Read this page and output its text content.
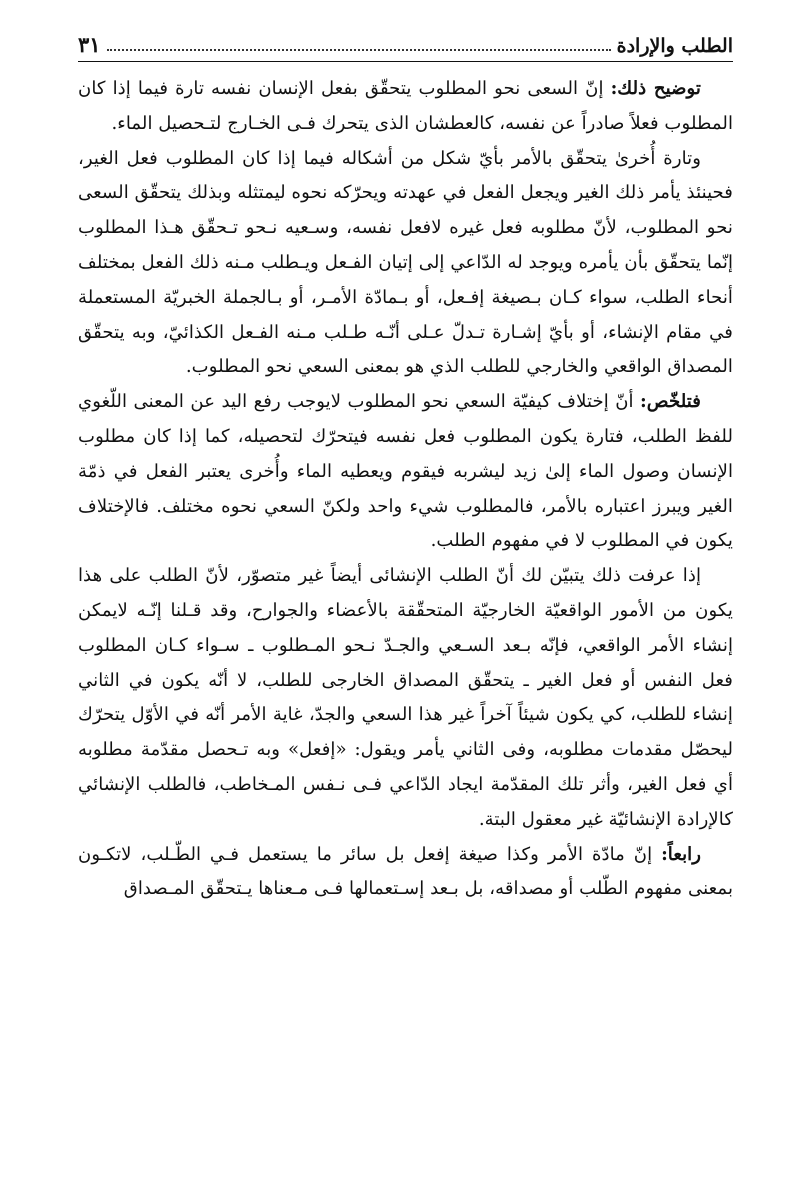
الطلب والإرادة
٣١

توضيح ذلك: إنّ السعى نحو المطلوب يتحقّق بفعل الإنسان نفسه تارة فيما إذا كان المطلوب فعلاً صادراً عن نفسه، كالعطشان الذى يتحرك فـى الخـارج لتـحصيل الماء.

وتارة أُخرىٰ يتحقّق بالأمر بأيّ شكل من أشكاله فيما إذا كان المطلوب فعل الغير، فحينئذ يأمر ذلك الغير ويجعل الفعل في عهدته ويحرّكه نحوه ليمتثله وبذلك يتحقّق السعى نحو المطلوب، لأنّ مطلوبه فعل غيره لافعل نفسه، وسـعيه نـحو تـحقّق هـذا المطلوب إنّما يتحقّق بأن يأمره ويوجد له الدّاعي إلى إتيان الفـعل ويـطلب مـنه ذلك الفعل بمختلف أنحاء الطلب، سواء كـان بـصيغة إفـعل، أو بـمادّة الأمـر، أو بـالجملة الخبريّة المستعملة في مقام الإنشاء، أو بأيّ إشـارة تـدلّ عـلى أنّـه طـلب مـنه الفـعل الكذائيّ، وبه يتحقّق المصداق الواقعي والخارجي للطلب الذي هو بمعنى السعي نحو المطلوب.

فتلخّص: أنّ إختلاف كيفيّة السعي نحو المطلوب لايوجب رفع اليد عن المعنى اللّغوي للفظ الطلب، فتارة يكون المطلوب فعل نفسه فيتحرّك لتحصيله، كما إذا كان مطلوب الإنسان وصول الماء إلىٰ زيد ليشربه فيقوم ويعطيه الماء وأُخرى يعتبر الفعل في ذمّة الغير ويبرز اعتباره بالأمر، فالمطلوب شيء واحد ولكنّ السعي نحوه مختلف. فالإختلاف يكون في المطلوب لا في مفهوم الطلب.

إذا عرفت ذلك يتبيّن لك أنّ الطلب الإنشائى أيضاً غير متصوّر، لأنّ الطلب على هذا يكون من الأمور الواقعيّة الخارجيّة المتحقّقة بالأعضاء والجوارح، وقد قـلنا إنّـه لايمكن إنشاء الأمر الواقعي، فإنّه بـعد السـعي والجـدّ نـحو المـطلوب ـ سـواء كـان المطلوب فعل النفس أو فعل الغير ـ يتحقّق المصداق الخارجى للطلب، لا أنّه يكون في الثاني إنشاء للطلب، كي يكون شيئاً آخراً غير هذا السعي والجدّ، غاية الأمر أنّه في الأوّل يتحرّك ليحصّل مقدمات مطلوبه، وفى الثاني يأمر ويقول: «إفعل» وبه تـحصل مقدّمة مطلوبه أي فعل الغير، وأثر تلك المقدّمة ايجاد الدّاعي فـى نـفس المـخاطب، فالطلب الإنشائي كالإرادة الإنشائيّة غير معقول البتة.

رابعاً: إنّ مادّة الأمر وكذا صيغة إفعل بل سائر ما يستعمل فـي الطّـلب، لاتكـون بمعنى مفهوم الطّلب أو مصداقه، بل بـعد إسـتعمالها فـى مـعناها يـتحقّق المـصداق
